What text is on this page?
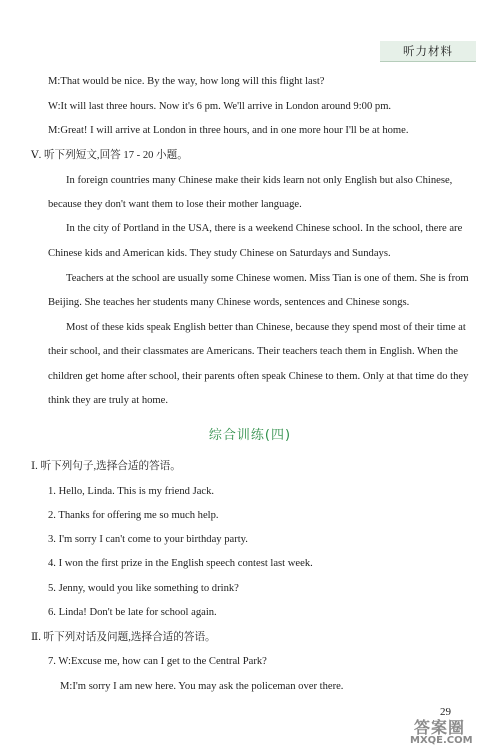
听力材料
M:That would be nice. By the way, how long will this flight last?
W:It will last three hours. Now it's 6 pm. We'll arrive in London around 9:00 pm.
M:Great! I will arrive at London in three hours, and in one more hour I'll be at home.
Ⅴ. 听下列短文,回答 17 - 20 小题。
In foreign countries many Chinese make their kids learn not only English but also Chinese,
because they don't want them to lose their mother language.
In the city of Portland in the USA, there is a weekend Chinese school. In the school, there are
Chinese kids and American kids. They study Chinese on Saturdays and Sundays.
Teachers at the school are usually some Chinese women. Miss Tian is one of them. She is from
Beijing. She teaches her students many Chinese words, sentences and Chinese songs.
Most of these kids speak English better than Chinese, because they spend most of their time at
their school, and their classmates are Americans. Their teachers teach them in English. When the
children get home after school, their parents often speak Chinese to them. Only at that time do they
think they are truly at home.
综合训练(四)
Ⅰ. 听下列句子,选择合适的答语。
1. Hello, Linda. This is my friend Jack.
2. Thanks for offering me so much help.
3. I'm sorry I can't come to your birthday party.
4. I won the first prize in the English speech contest last week.
5. Jenny, would you like something to drink?
6. Linda! Don't be late for school again.
Ⅱ. 听下列对话及问题,选择合适的答语。
7. W:Excuse me, how can I get to the Central Park?
M:I'm sorry I am new here. You may ask the policeman over there.
29
答案圈
MXQE.COM
